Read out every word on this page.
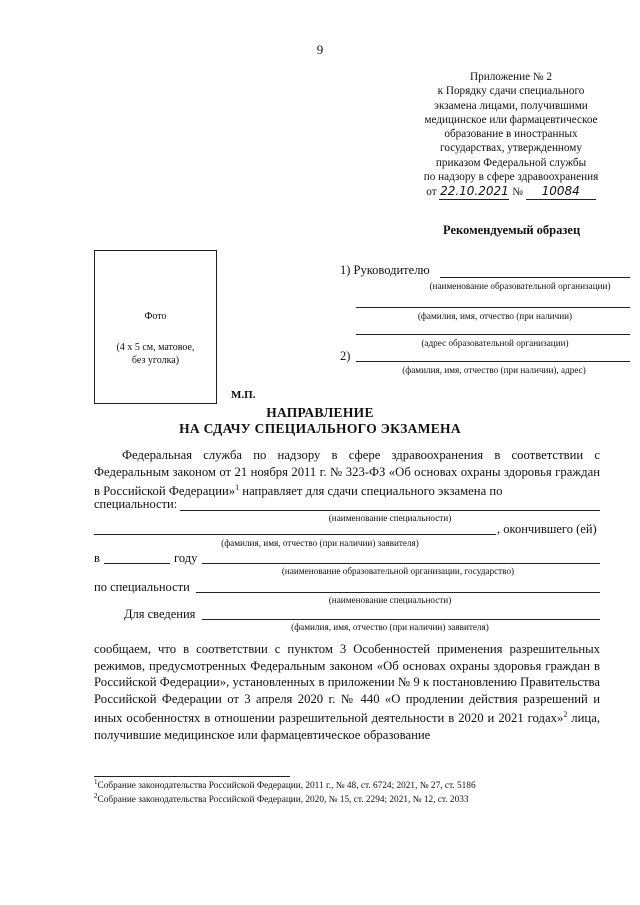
9
Приложение № 2
к Порядку сдачи специального
экзамена лицами, получившими
медицинское или фармацевтическое
образование в иностранных
государствах, утвержденному
приказом Федеральной службы
по надзору в сфере здравоохранения
от 22.10.2021 № 10084
Рекомендуемый образец
Фото
(4 х 5 см, матовое,
без уголка)
М.П.
1) Руководителю
(наименование образовательной организации)
(фамилия, имя, отчество (при наличии)
(адрес образовательной организации)
2)
(фамилия, имя, отчество (при наличии), адрес)
НАПРАВЛЕНИЕ
НА СДАЧУ СПЕЦИАЛЬНОГО ЭКЗАМЕНА
Федеральная служба по надзору в сфере здравоохранения в соответствии с Федеральным законом от 21 ноября 2011 г. № 323-ФЗ «Об основах охраны здоровья граждан в Российской Федерации»$^1$ направляет для сдачи специального экзамена по
специальности:
(наименование специальности)
, окончившего (ей)
(фамилия, имя, отчество (при наличии) заявителя)
в	году
(наименование образовательной организации, государство)
по специальности
(наименование специальности)
Для сведения
(фамилия, имя, отчество (при наличии) заявителя)
сообщаем, что в соответствии с пунктом 3 Особенностей применения разрешительных режимов, предусмотренных Федеральным законом «Об основах охраны здоровья граждан в Российской Федерации», установленных в приложении № 9 к постановлению Правительства Российской Федерации от 3 апреля 2020 г. № 440 «О продлении действия разрешений и иных особенностях в отношении разрешительной деятельности в 2020 и 2021 годах»$^2$ лица, получившие медицинское или фармацевтическое образование
$^1$Собрание законодательства Российской Федерации, 2011 г., № 48, ст. 6724; 2021, № 27, ст. 5186
$^2$Собрание законодательства Российской Федерации, 2020, № 15, ст. 2294; 2021, № 12, ст. 2033
